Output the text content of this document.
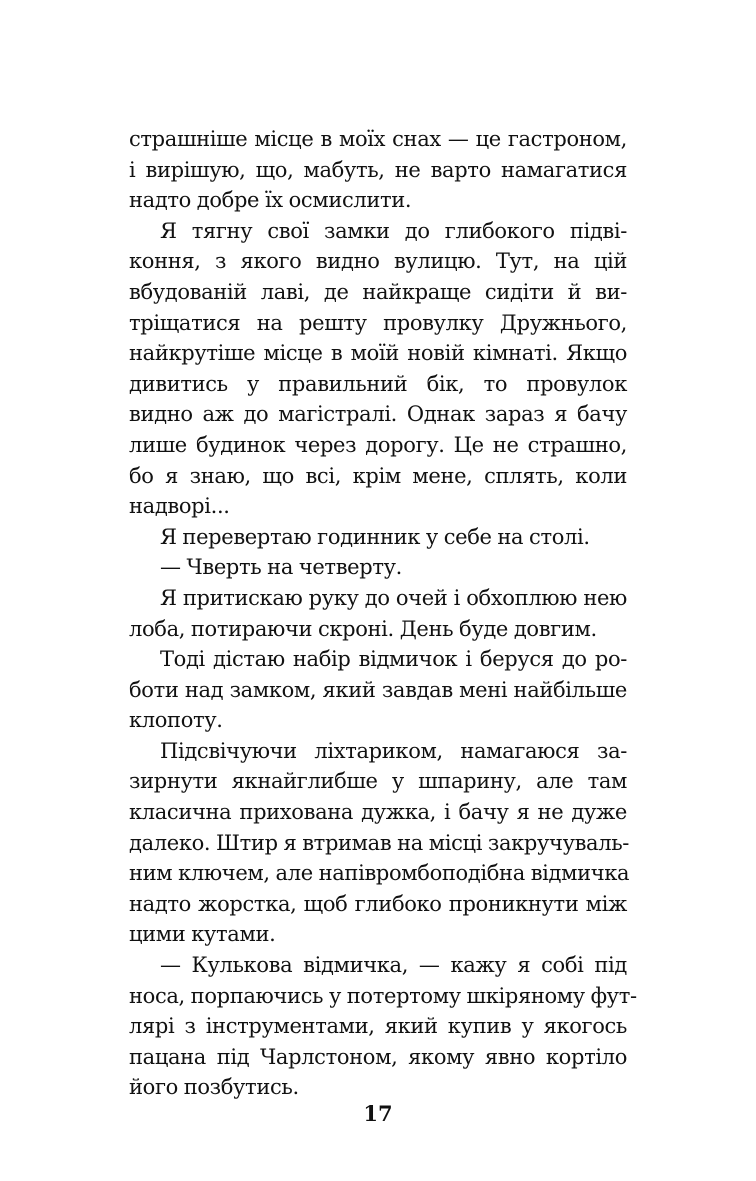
страшніше місце в моїх снах — це гастроном,
і вирішую, що, мабуть, не варто намагатися
надто добре їх осмислити.
Я тягну свої замки до глибокого підві-
коння, з якого видно вулицю. Тут, на цій
вбудованій лаві, де найкраще сидіти й ви-
тріщатися на решту провулку Дружнього,
найкрутіше місце в моїй новій кімнаті. Якщо
дивитись у правильний бік, то провулок
видно аж до магістралі. Однак зараз я бачу
лише будинок через дорогу. Це не страшно,
бо я знаю, що всі, крім мене, сплять, коли
надворі...
Я перевертаю годинник у себе на столі.
— Чверть на четверту.
Я притискаю руку до очей і обхоплюю нею
лоба, потираючи скроні. День буде довгим.
Тоді дістаю набір відмичок і беруся до ро-
боти над замком, який завдав мені найбільше
клопоту.
Підсвічуючи ліхтариком, намагаюся за-
зирнути якнайглибше у шпарину, але там
класична прихована дужка, і бачу я не дуже
далеко. Штир я втримав на місці закручуваль-
ним ключем, але напівромбоподібна відмичка
надто жорстка, щоб глибоко проникнути між
цими кутами.
— Кулькова відмичка, — кажу я собі під
носа, порпаючись у потертому шкіряному фут-
лярі з інструментами, який купив у якогось
пацана під Чарлстоном, якому явно кортіло
його позбутись.
17
